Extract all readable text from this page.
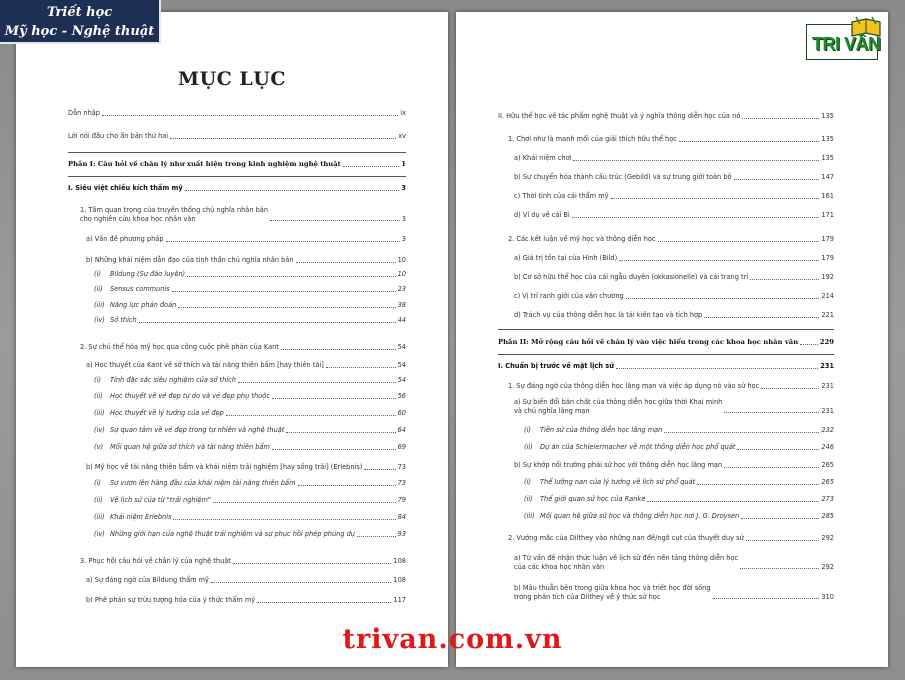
MỤC LỤC
Dẫn nhập	ix
Lời nói đầu cho ấn bản thứ hai	xv
Phần I: Câu hỏi về chân lý như xuất hiện trong kinh nghiệm nghệ thuật	1
I. Siêu việt chiều kích thẩm mỹ	3
1. Tầm quan trọng của truyền thống chủ nghĩa nhân bản
cho nghiên cứu khoa học nhân văn	3
a) Vấn đề phương pháp	3
b) Những khái niệm dẫn đạo của tinh thần chủ nghĩa nhân bản	10
(i)	Bildung (Sự đào luyện)	10
(ii)	Sensus communis	23
(iii) Năng lực phán đoán	38
(iv) Sở thích	44
2. Sự chủ thể hóa mỹ học qua công cuộc phê phán của Kant	54
a) Học thuyết của Kant về sở thích và tài năng thiên bẩm [hay thiên tài]	54
(i)	Tính đặc sắc siêu nghiệm của sở thích	54
(ii)	Học thuyết về vẻ đẹp tự do và vẻ đẹp phụ thuộc	56
(iii) Học thuyết về lý tưởng của vẻ đẹp	60
(iv) Sự quan tâm về vẻ đẹp trong tự nhiên và nghệ thuật	64
(v)	Mối quan hệ giữa sở thích và tài năng thiên bẩm	69
b) Mỹ học về tài năng thiên bẩm và khái niệm trải nghiệm [hay sống trải] (Erlebnis)	73
(i)	Sự vươn lên hàng đầu của khái niệm tài năng thiên bẩm	73
(ii)	Về lịch sử của từ "trải nghiệm"	79
(iii) Khái niệm Erlebnis	84
(iv) Những giới hạn của nghệ thuật trải nghiệm và sự phục hồi phép phúng dụ	93
3. Phục hồi câu hỏi về chân lý của nghệ thuật	108
a) Sự đáng ngờ của Bildung thẩm mỹ	108
b) Phê phán sự trừu tượng hóa của ý thức thẩm mỹ	117
II. Hữu thể học về tác phẩm nghệ thuật và ý nghĩa thông diễn học của nó	135
1. Chơi như là manh mối của giải thích hữu thể học	135
a) Khái niệm chơi	135
b) Sự chuyển hóa thành cấu trúc (Gebild) và sự trung giới toàn bộ	147
c) Thời tính của cái thẩm mỹ	161
d) Ví dụ về cái Bi	171
2. Các kết luận về mỹ học và thông diễn học	179
a) Giá trị tồn tại của Hình (Bild)	179
b) Cơ sở hữu thể học của cái ngẫu duyên (okkasionelle) và cái trang trí	192
c) Vị trí ranh giới của văn chương	214
d) Trách vụ của thông diễn học là tái kiến tạo và tích hợp	221
Phần II: Mở rộng câu hỏi về chân lý vào việc hiểu trong các khoa học nhân văn	229
I. Chuẩn bị trước về mặt lịch sử	231
1. Sự đáng ngờ của thông diễn học lãng mạn và việc áp dụng nó vào sử học	231
a) Sự biến đổi bản chất của thông diễn học giữa thời Khai minh
và chủ nghĩa lãng mạn	231
(i)	Tiền sử của thông diễn học lãng mạn	232
(ii)	Dự án của Schleiermacher về một thông diễn học phổ quát	246
b) Sự khớp nối trường phái sử học với thông diễn học lãng mạn	265
(i)	Thế lưỡng nan của lý tưởng về lịch sử phổ quát	265
(ii)	Thế giới quan sử học của Ranke	273
(iii) Mối quan hệ giữa sử học và thông diễn học nơi J. G. Droysen	285
2. Vướng mắc của Dilthey vào những nan đề/ngõ cụt của thuyết duy sử	292
a) Từ vấn đề nhận thức luận về lịch sử đến nền tảng thông diễn học
của các khoa học nhân văn	292
b) Mâu thuẫn bên trong giữa khoa học và triết học đời sống
trong phân tích của Dilthey về ý thức sử học	310
Triết học
Mỹ học - Nghệ thuật
TRI VÂN
trivan.com.vn
